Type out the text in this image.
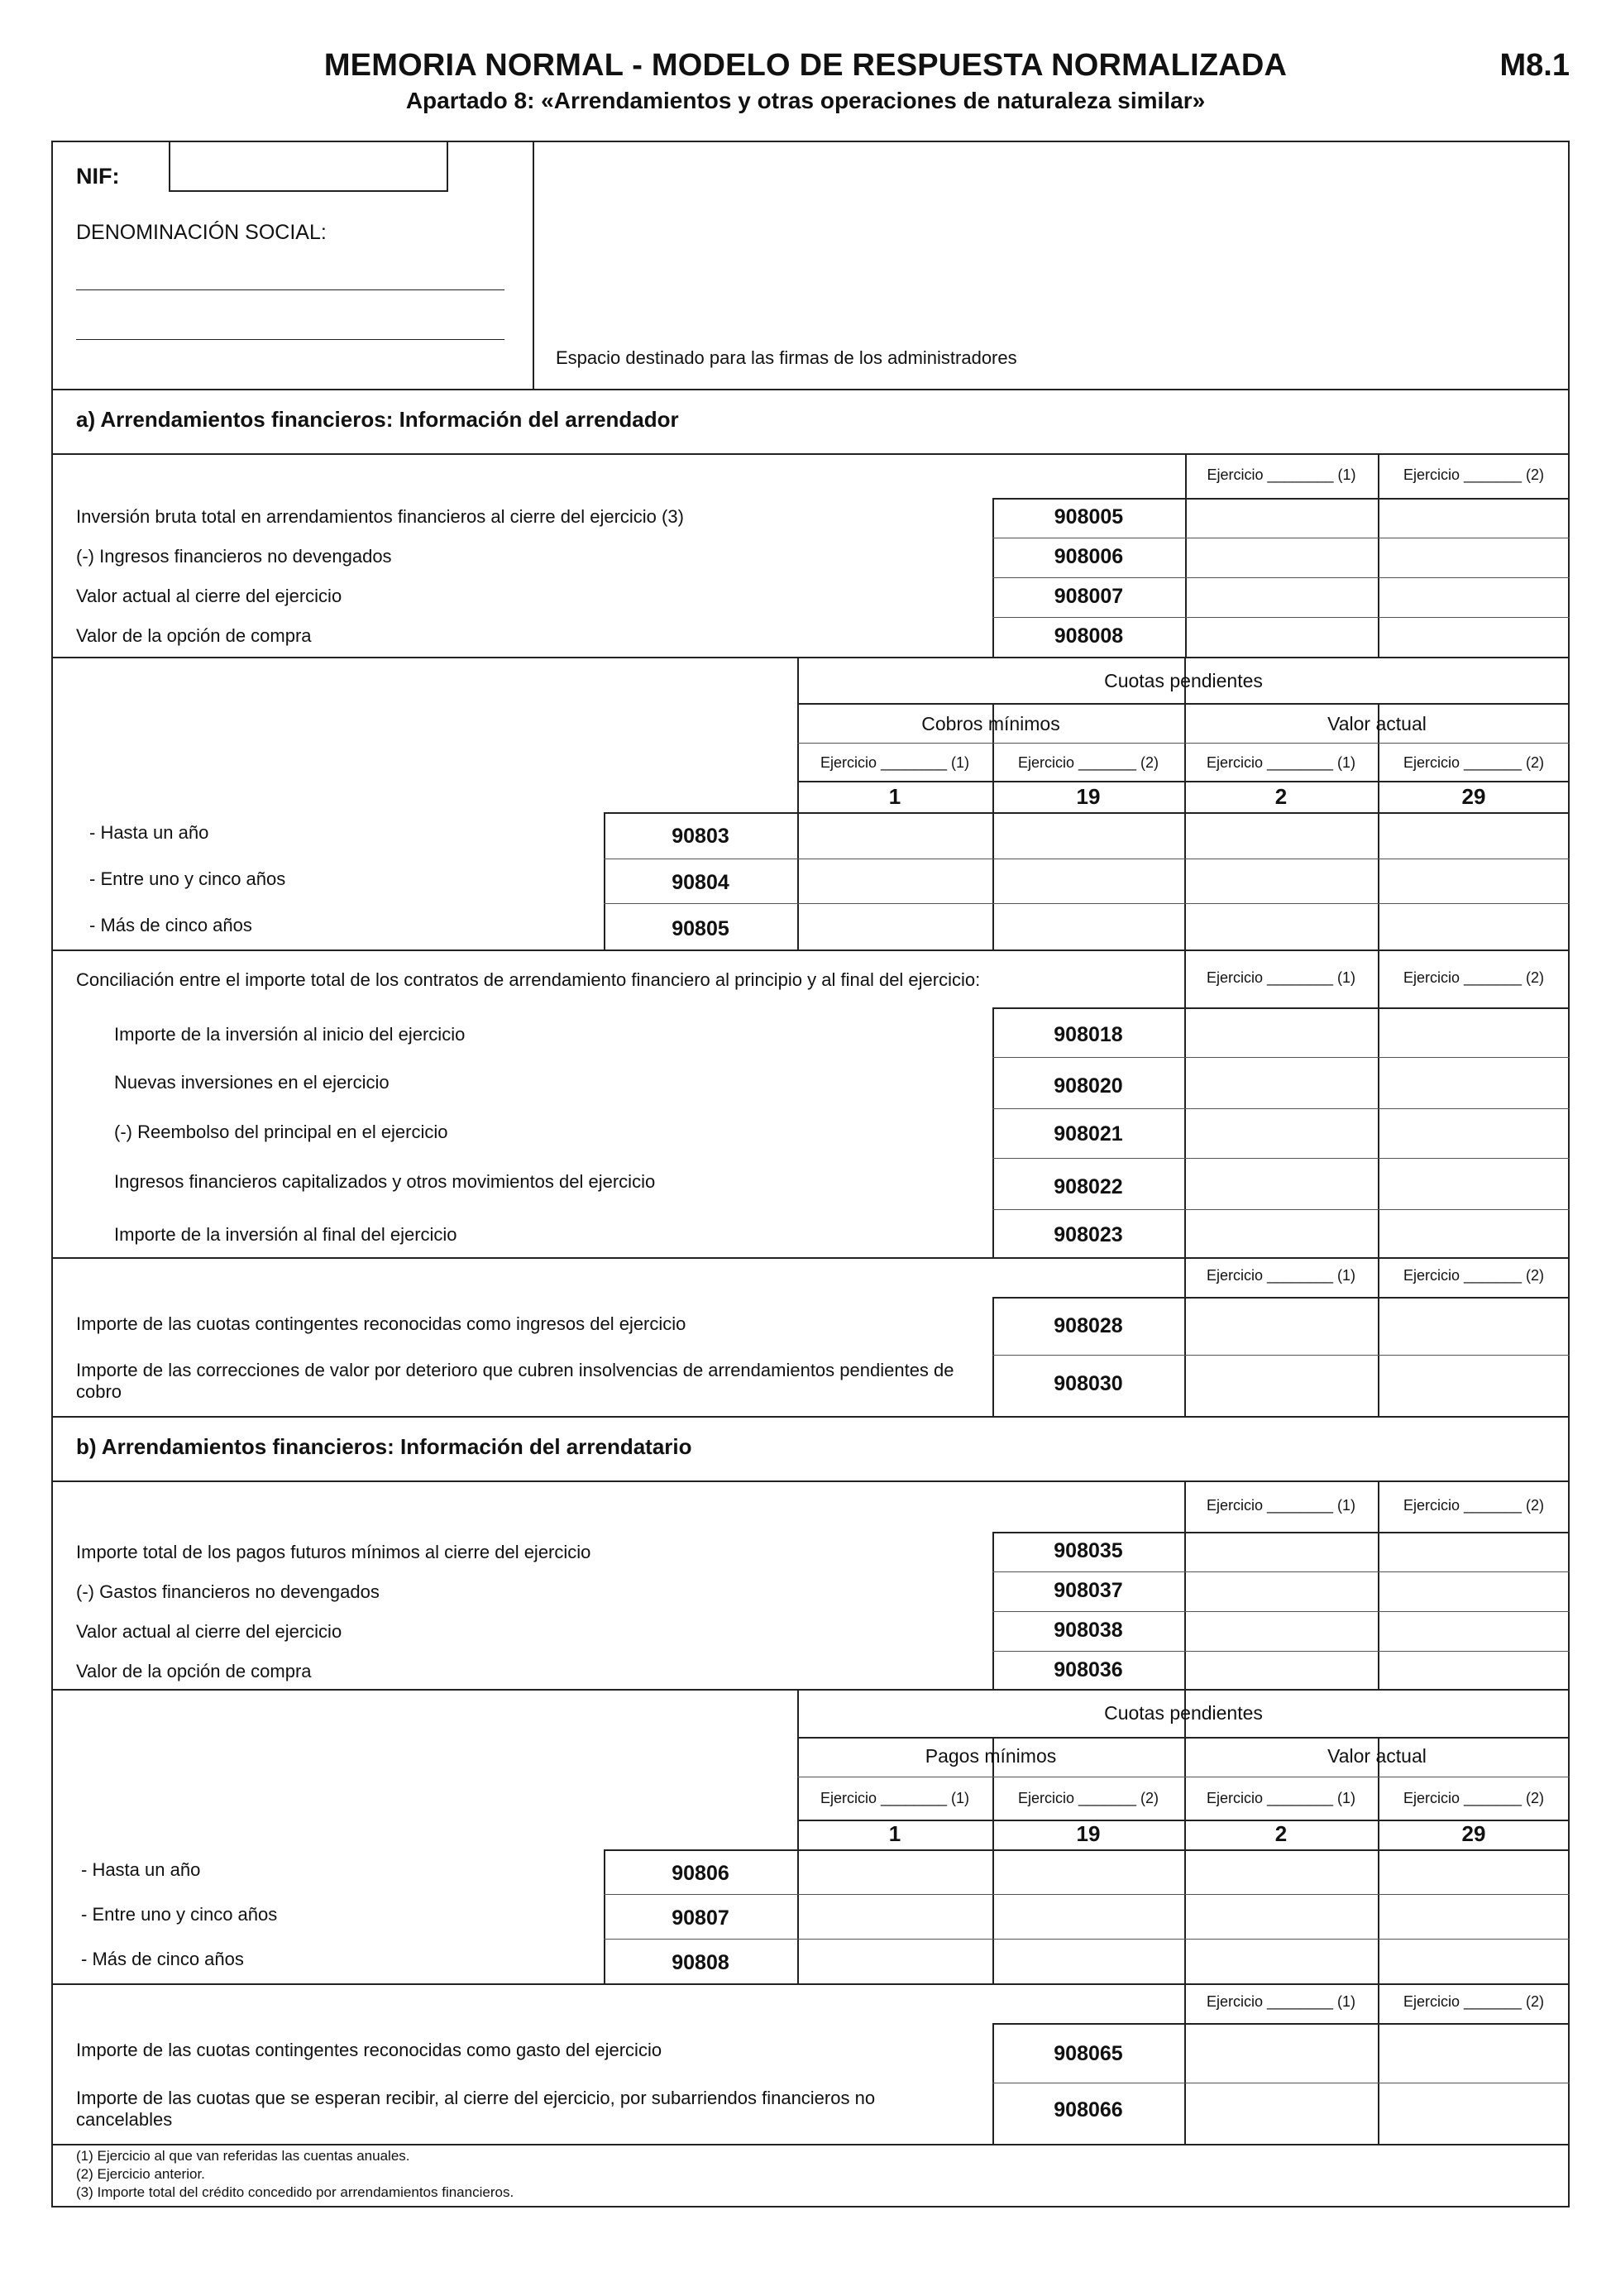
MEMORIA NORMAL - MODELO DE RESPUESTA NORMALIZADA	M8.1
Apartado 8: «Arrendamientos y otras operaciones de naturaleza similar»
NIF:
DENOMINACIÓN SOCIAL:
Espacio destinado para las firmas de los administradores
a) Arrendamientos financieros: Información del arrendador
Ejercicio ________ (1)	Ejercicio _______ (2)
Inversión bruta total en arrendamientos financieros al cierre del ejercicio (3)	908005
(-) Ingresos financieros no devengados	908006
Valor actual al cierre del ejercicio	908007
Valor de la opción de compra	908008
Cuotas pendientes
Cobros mínimos	Valor actual
Ejercicio ________ (1)	Ejercicio _______ (2)	Ejercicio ________ (1)	Ejercicio _______ (2)
1	19	2	29
- Hasta un año	90803
- Entre uno y cinco años	90804
- Más de cinco años	90805
Conciliación entre el importe total de los contratos de arrendamiento financiero al principio y al final del ejercicio:	Ejercicio ________ (1)	Ejercicio _______ (2)
Importe de la inversión al inicio del ejercicio	908018
Nuevas inversiones en el ejercicio	908020
(-) Reembolso del principal en el ejercicio	908021
Ingresos financieros capitalizados y otros movimientos del ejercicio	908022
Importe de la inversión al final del ejercicio	908023
Ejercicio ________ (1)	Ejercicio _______ (2)
Importe de las cuotas contingentes reconocidas como ingresos del ejercicio	908028
Importe de las correcciones de valor por deterioro que cubren insolvencias de arrendamientos pendientes de cobro	908030
b) Arrendamientos financieros: Información del arrendatario
Ejercicio ________ (1)	Ejercicio _______ (2)
Importe total de los pagos futuros mínimos al cierre del ejercicio	908035
(-) Gastos financieros no devengados	908037
Valor actual al cierre del ejercicio	908038
Valor de la opción de compra	908036
Cuotas pendientes
Pagos mínimos	Valor actual
Ejercicio ________ (1)	Ejercicio _______ (2)	Ejercicio ________ (1)	Ejercicio _______ (2)
1	19	2	29
- Hasta un año	90806
- Entre uno y cinco años	90807
- Más de cinco años	90808
Ejercicio ________ (1)	Ejercicio _______ (2)
Importe de las cuotas contingentes reconocidas como gasto del ejercicio	908065
Importe de las cuotas que se esperan recibir, al cierre del ejercicio, por subarriendos financieros no cancelables	908066
(1) Ejercicio al que van referidas las cuentas anuales.
(2) Ejercicio anterior.
(3) Importe total del crédito concedido por arrendamientos financieros.
